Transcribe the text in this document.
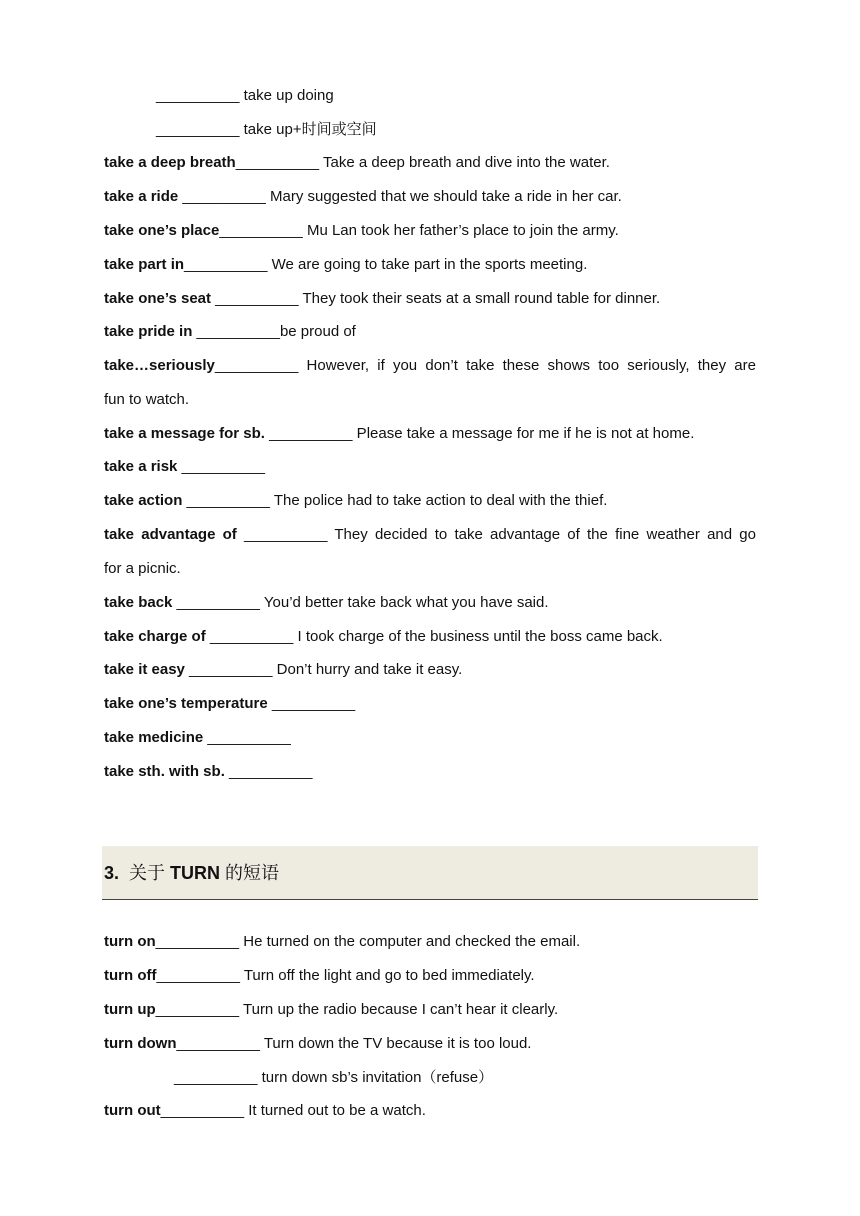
__________ take up doing
__________ take up+时间或空间
take a deep breath__________ Take a deep breath and dive into the water.
take a ride __________ Mary suggested that we should take a ride in her car.
take one’s place__________ Mu Lan took her father’s place to join the army.
take part in__________ We are going to take part in the sports meeting.
take one’s seat __________ They took their seats at a small round table for dinner.
take pride in __________be proud of
take…seriously__________ However, if you don’t take these shows too seriously, they are
fun to watch.
take a message for sb. __________ Please take a message for me if he is not at home.
take a risk __________
take action __________ The police had to take action to deal with the thief.
take advantage of __________ They decided to take advantage of the fine weather and go
for a picnic.
take back __________ You’d better take back what you have said.
take charge of __________ I took charge of the business until the boss came back.
take it easy __________ Don’t hurry and take it easy.
take one’s temperature __________
take medicine __________
take sth. with sb. __________
3. 关于 TURN 的短语
turn on__________ He turned on the computer and checked the email.
turn off__________ Turn off the light and go to bed immediately.
turn up__________ Turn up the radio because I can’t hear it clearly.
turn down__________ Turn down the TV because it is too loud.
__________ turn down sb’s invitation（refuse）
turn out__________ It turned out to be a watch.
